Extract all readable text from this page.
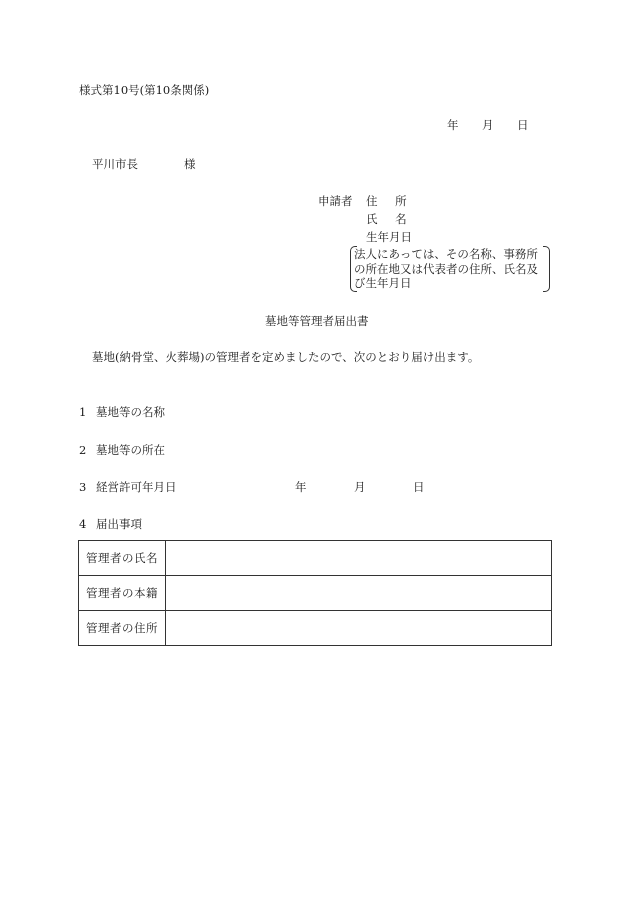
様式第10号(第10条関係)
年 月 日
平川市長	様
申請者 住 所
氏 名
生年月日
法人にあっては、その名称、事務所
の所在地又は代表者の住所、氏名及
び生年月日
墓地等管理者届出書
墓地(納骨堂、火葬場)の管理者を定めましたので、次のとおり届け出ます。
1 墓地等の名称
2 墓地等の所在
3 経営許可年月日	年	月	日
4 届出事項
管理者の氏名	
管理者の本籍	
管理者の住所	
